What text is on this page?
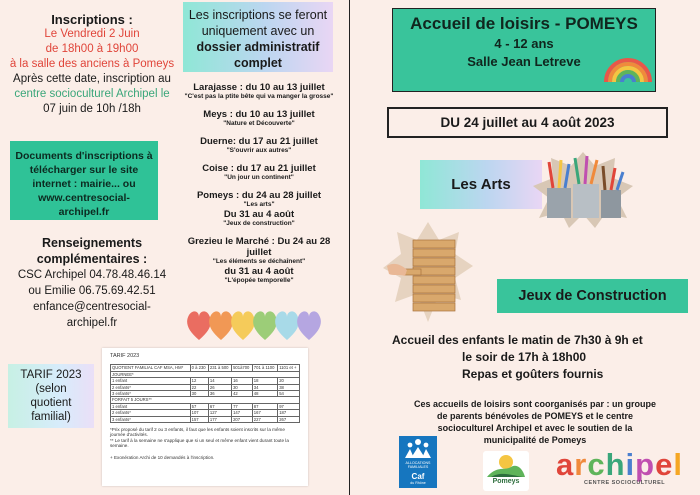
Inscriptions :
Le Vendredi 2 Juin
de 18h00 à 19h00
à la salle des anciens à Pomeys
Après cette date, inscription au
centre socioculturel Archipel le
07 juin de 10h /18h
Les inscriptions se feront
uniquement avec un
dossier administratif
complet
Documents d'inscriptions à
télécharger sur le site
internet : mairie... ou
www.centresocial-
archipel.fr
Renseignements
complémentaires :
CSC Archipel 04.78.48.46.14
ou Emilie 06.75.69.42.51
enfance@centresocial-
archipel.fr
TARIF 2023
(selon
quotient
familial)
TARIF 2023
QUOTIENT FAMILIAL CAF MSA, HM*	0 à 230	231 à 500	501à700	701 à 1100	1101 et +
JOURNEE*					
1 enfant	12	14	16	18	20
2 enfants*	22	26	30	34	38
3 enfants*	30	36	42	48	54
FORFAIT 5 JOURS**					
1 enfant	57	67	77	87	97
2 enfants*	107	127	147	167	187
3 enfants*	157	177	207	227	267
*Prix proposé du tarif 2 ou 3 enfants, il faut que les enfants soient inscrits sur la même journée d'activités.
** Le tarif à la semaine ne s'applique que si un seul et même enfant vient durant toute la semaine.
+ Exonération Archi de 10 demandés à l'inscription.
Larajasse : du 10 au 13 juillet
"C'est pas la ptite bête qui va manger la grosse"
Meys : du 10 au 13 juillet
"Nature et Découverte"
Duerne: du 17 au 21 juillet
"S'ouvrir aux autres"
Coise : du 17 au 21 juillet
"Un jour un continent"
Pomeys : du 24 au 28 juillet
"Les arts"
Du 31 au 4 août
"Jeux de construction"
Grezieu le Marché : Du 24 au 28 juillet
"Les éléments se déchaînent"
du 31 au 4 août
"L'épopée temporelle"
Accueil de loisirs - POMEYS
4 - 12 ans
Salle Jean Letreve
DU 24 juillet au 4 août 2023
Les Arts
Jeux de Construction
Accueil des enfants le matin de 7h30 à 9h et
le soir de 17h à 18h00
Repas et goûters fournis
Ces accueils de loisirs sont coorganisés par : un groupe
de parents bénévoles de POMEYS et le centre
socioculturel Archipel et avec le soutien de la
municipalité de Pomeys
ALLOCATIONS
FAMILIALES
Caf
du Rhône	Pomeys	archipel
CENTRE SOCIOCULTUREL
